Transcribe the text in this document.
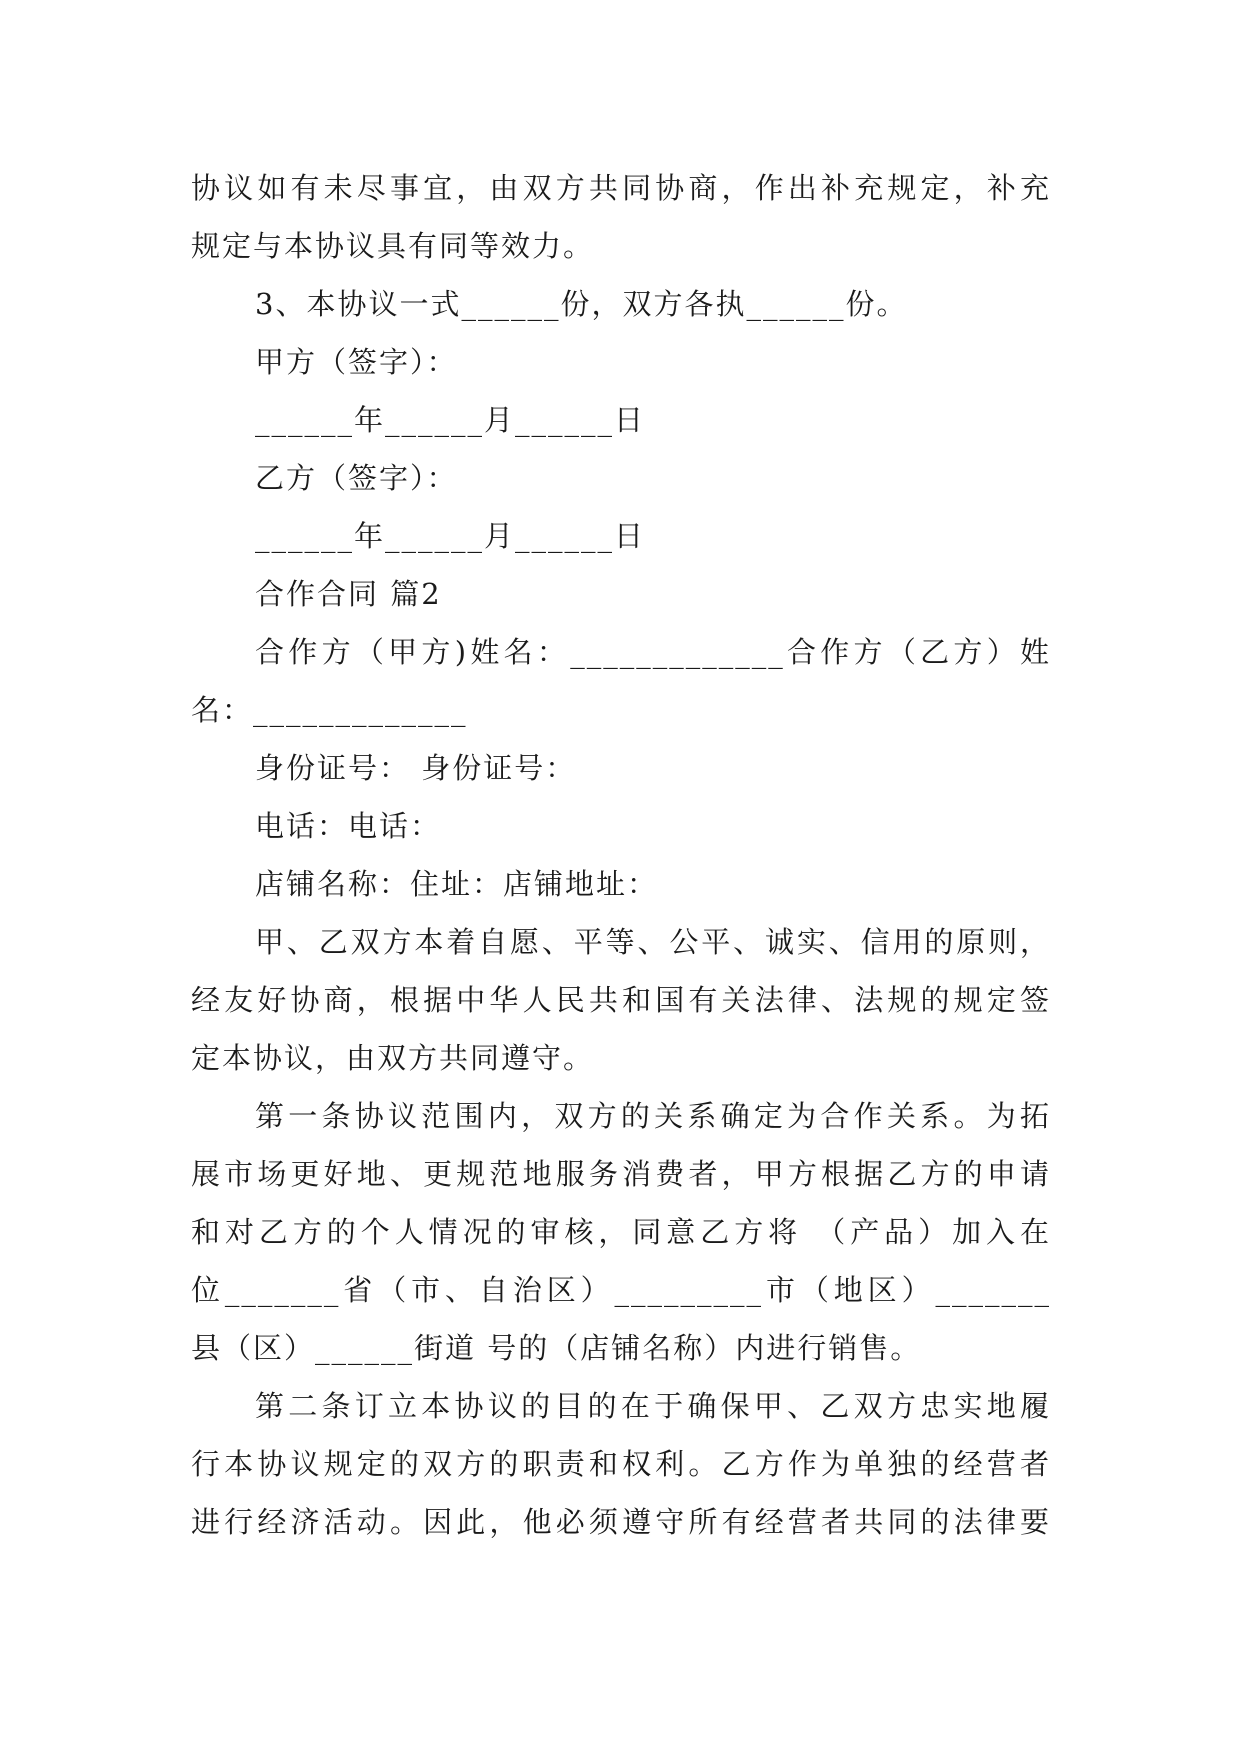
协议如有未尽事宜，由双方共同协商，作出补充规定，补充
规定与本协议具有同等效力。
3、本协议一式______份，双方各执______份。
甲方（签字）：
______年______月______日
乙方（签字）：
______年______月______日
合作合同 篇2
合作方（甲方)姓名：_____________合作方（乙方）姓
名：_____________
身份证号： 身份证号：
电话：电话：
店铺名称：住址：店铺地址：
甲、乙双方本着自愿、平等、公平、诚实、信用的原则，
经友好协商，根据中华人民共和国有关法律、法规的规定签
定本协议，由双方共同遵守。
第一条协议范围内，双方的关系确定为合作关系。为拓
展市场更好地、更规范地服务消费者，甲方根据乙方的申请
和对乙方的个人情况的审核，同意乙方将 （产品）加入在
位_______省（市、自治区）_________市（地区）_______
县（区）______街道 号的（店铺名称）内进行销售。
第二条订立本协议的目的在于确保甲、乙双方忠实地履
行本协议规定的双方的职责和权利。乙方作为单独的经营者
进行经济活动。因此，他必须遵守所有经营者共同的法律要
